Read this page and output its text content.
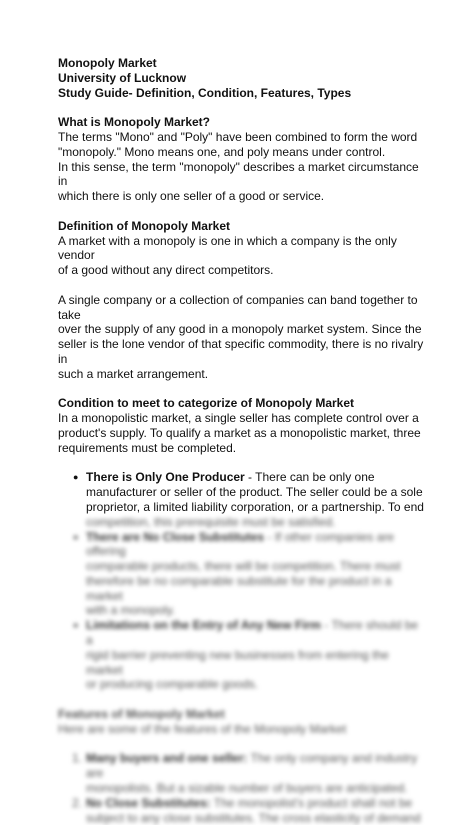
Monopoly Market

University of Lucknow

Study Guide- Definition, Condition, Features, Types

What is Monopoly Market?

The terms "Mono" and "Poly" have been combined to form the word

"monopoly." Mono means one, and poly means under control.

In this sense, the term "monopoly" describes a market circumstance in

which there is only one seller of a good or service.

Definition of Monopoly Market

A market with a monopoly is one in which a company is the only vendor

of a good without any direct competitors.

A single company or a collection of companies can band together to take

over the supply of any good in a monopoly market system. Since the

seller is the lone vendor of that specific commodity, there is no rivalry in

such a market arrangement.

Condition to meet to categorize of Monopoly Market

In a monopolistic market, a single seller has complete control over a

product's supply. To qualify a market as a monopolistic market, three

requirements must be completed.

● There is Only One Producer - There can be only one

manufacturer or seller of the product. The seller could be a sole

proprietor, a limited liability corporation, or a partnership. To end

competition, this prerequisite must be satisfied.

● There are No Close Substitutes - If other companies are offering

comparable products, there will be competition. There must

therefore be no comparable substitute for the product in a market

with a monopoly.

● Limitations on the Entry of Any New Firm - There should be a

rigid barrier preventing new businesses from entering the market

or producing comparable goods.

Features of Monopoly Market

Here are some of the features of the Monopoly Market

1. Many buyers and one seller: The only company and industry are

monopolists. But a sizable number of buyers are anticipated.

2. No Close Substitutes: The monopolist's product shall not be

subject to any close substitutes. The cross elasticity of demand
